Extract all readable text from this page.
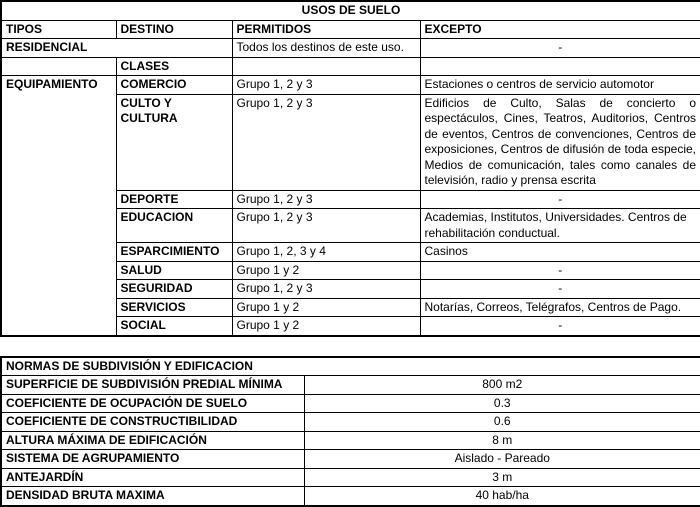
USOS DE SUELO			
TIPOS	DESTINO	PERMITIDOS	EXCEPTO
RESIDENCIAL		Todos los destinos de este uso.	-
	CLASES		
EQUIPAMIENTO	COMERCIO	Grupo 1, 2 y 3	Estaciones o centros de servicio automotor
	CULTO Y CULTURA	Grupo 1, 2 y 3	Edificios de Culto, Salas de concierto o espectáculos, Cines, Teatros, Auditorios, Centros de eventos, Centros de convenciones, Centros de exposiciones, Centros de difusión de toda especie, Medios de comunicación, tales como canales de televisión, radio y prensa escrita
	DEPORTE	Grupo 1, 2 y 3	-
	EDUCACION	Grupo 1, 2 y 3	Academias, Institutos, Universidades. Centros de rehabilitación conductual.
	ESPARCIMIENTO	Grupo 1, 2, 3 y 4	Casinos
	SALUD	Grupo 1 y 2	-
	SEGURIDAD	Grupo 1, 2 y 3	-
	SERVICIOS	Grupo 1 y 2	Notarías, Correos, Telégrafos, Centros de Pago.
	SOCIAL	Grupo 1 y 2	-
NORMAS DE SUBDIVISIÓN Y EDIFICACION	
SUPERFICIE DE SUBDIVISIÓN PREDIAL MÍNIMA	800 m2
COEFICIENTE DE OCUPACIÓN DE SUELO	0.3
COEFICIENTE DE CONSTRUCTIBILIDAD	0.6
ALTURA MÁXIMA DE EDIFICACIÓN	8 m
SISTEMA DE AGRUPAMIENTO	Aislado - Pareado
ANTEJARDÍN	3 m
DENSIDAD BRUTA MAXIMA	40 hab/ha
